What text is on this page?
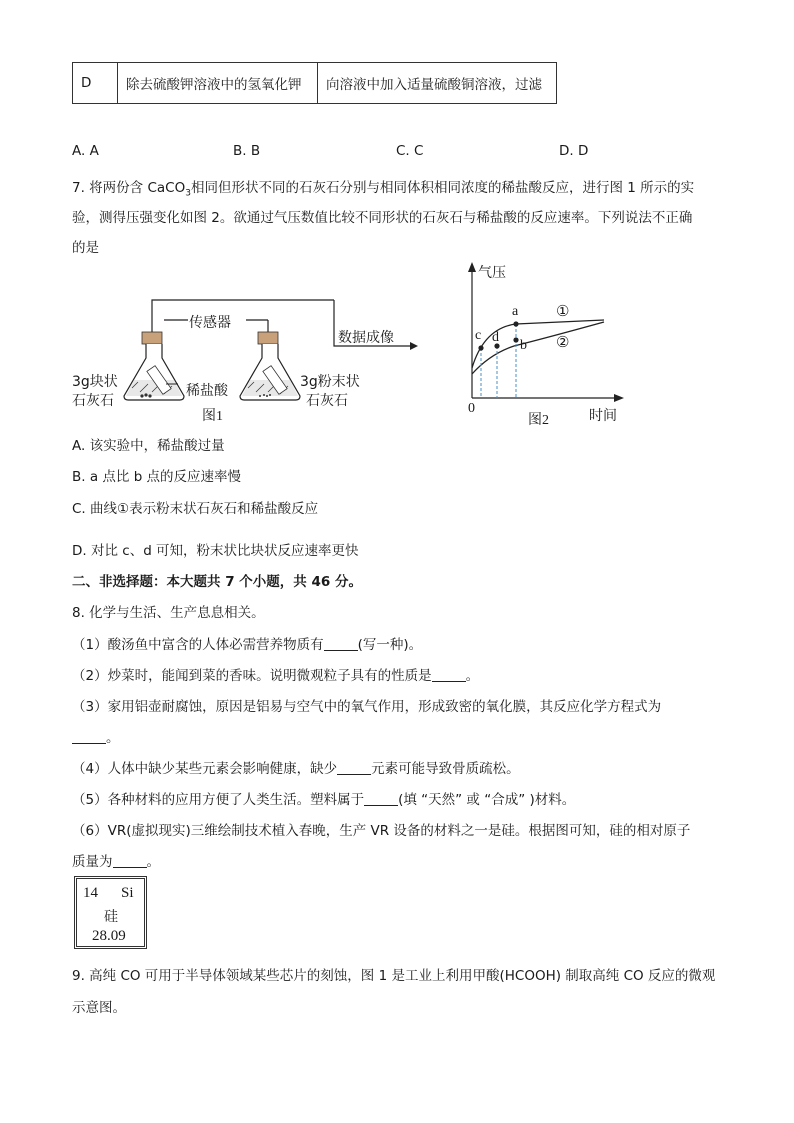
D	除去硫酸钾溶液中的氢氧化钾	向溶液中加入适量硫酸铜溶液，过滤
A. A	B. B	C. C	D. D
7. 将两份含 CaCO$_3$相同但形状不同的石灰石分别与相同体积相同浓度的稀盐酸反应，进行图 1 所示的实
验，测得压强变化如图 2。欲通过气压数值比较不同形状的石灰石与稀盐酸的反应速率。下列说法不正确
的是
传感器
数据成像
3g块状
石灰石
稀盐酸
3g粉末状
石灰石
图1
气压
时间
0
图2
a
b
c d
①
②
A. 该实验中，稀盐酸过量
B. a 点比 b 点的反应速率慢
C. 曲线①表示粉末状石灰石和稀盐酸反应
D. 对比 c、d 可知，粉末状比块状反应速率更快
二、非选择题：本大题共 7 个小题，共 46 分。
8. 化学与生活、生产息息相关。
（1）酸汤鱼中富含的人体必需营养物质有	(写一种)。
（2）炒菜时，能闻到菜的香味。说明微观粒子具有的性质是	。
（3）家用铝壶耐腐蚀，原因是铝易与空气中的氧气作用，形成致密的氧化膜，其反应化学方程式为
。
（4）人体中缺少某些元素会影响健康，缺少	元素可能导致骨质疏松。
（5）各种材料的应用方便了人类生活。塑料属于	(填 “天然” 或 “合成” )材料。
（6）VR(虚拟现实)三维绘制技术植入春晚，生产 VR 设备的材料之一是硅。根据图可知，硅的相对原子
质量为	。
14 Si
硅
28.09
9. 高纯 CO 可用于半导体领域某些芯片的刻蚀，图 1 是工业上利用甲酸(HCOOH) 制取高纯 CO 反应的微观
示意图。
